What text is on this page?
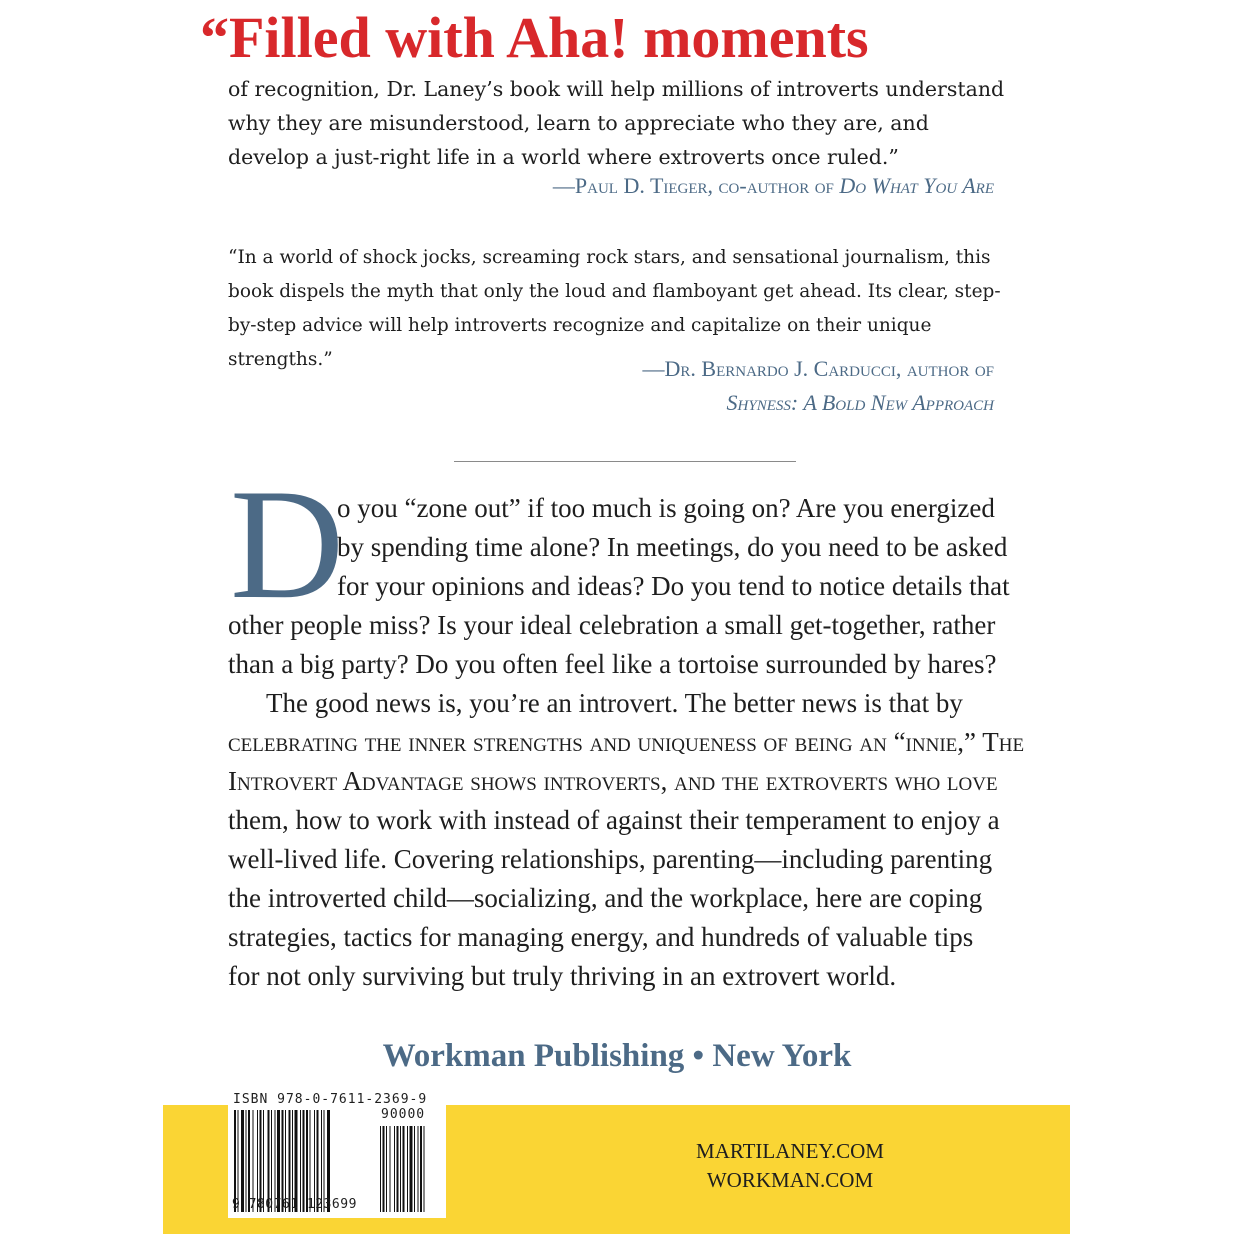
“Filled with Aha! moments
of recognition, Dr. Laney’s book will help millions of introverts understand why they are misunderstood, learn to appreciate who they are, and develop a just-right life in a world where extroverts once ruled.”
—Paul D. Tieger, co-author of Do What You Are
“In a world of shock jocks, screaming rock stars, and sensational journalism, this book dispels the myth that only the loud and flamboyant get ahead. Its clear, step-by-step advice will help introverts recognize and capitalize on their unique strengths.”	—Dr. Bernardo J. Carducci, author of
Shyness: A Bold New Approach
D
o you “zone out” if too much is going on? Are you energized
by spending time alone? In meetings, do you need to be asked
for your opinions and ideas? Do you tend to notice details that
other people miss? Is your ideal celebration a small get-together, rather
than a big party? Do you often feel like a tortoise surrounded by hares?
The good news is, you’re an introvert. The better news is that by
celebrating the inner strengths and uniqueness of being an “innie,” The
Introvert Advantage shows introverts, and the extroverts who love
them, how to work with instead of against their temperament to enjoy a
well-lived life. Covering relationships, parenting—including parenting
the introverted child—socializing, and the workplace, here are coping
strategies, tactics for managing energy, and hundreds of valuable tips
for not only surviving but truly thriving in an extrovert world.
Workman Publishing • New York
ISBN 978-0-7611-2369-9
90000
9 780761 123699
MARTILANEY.COM
WORKMAN.COM
